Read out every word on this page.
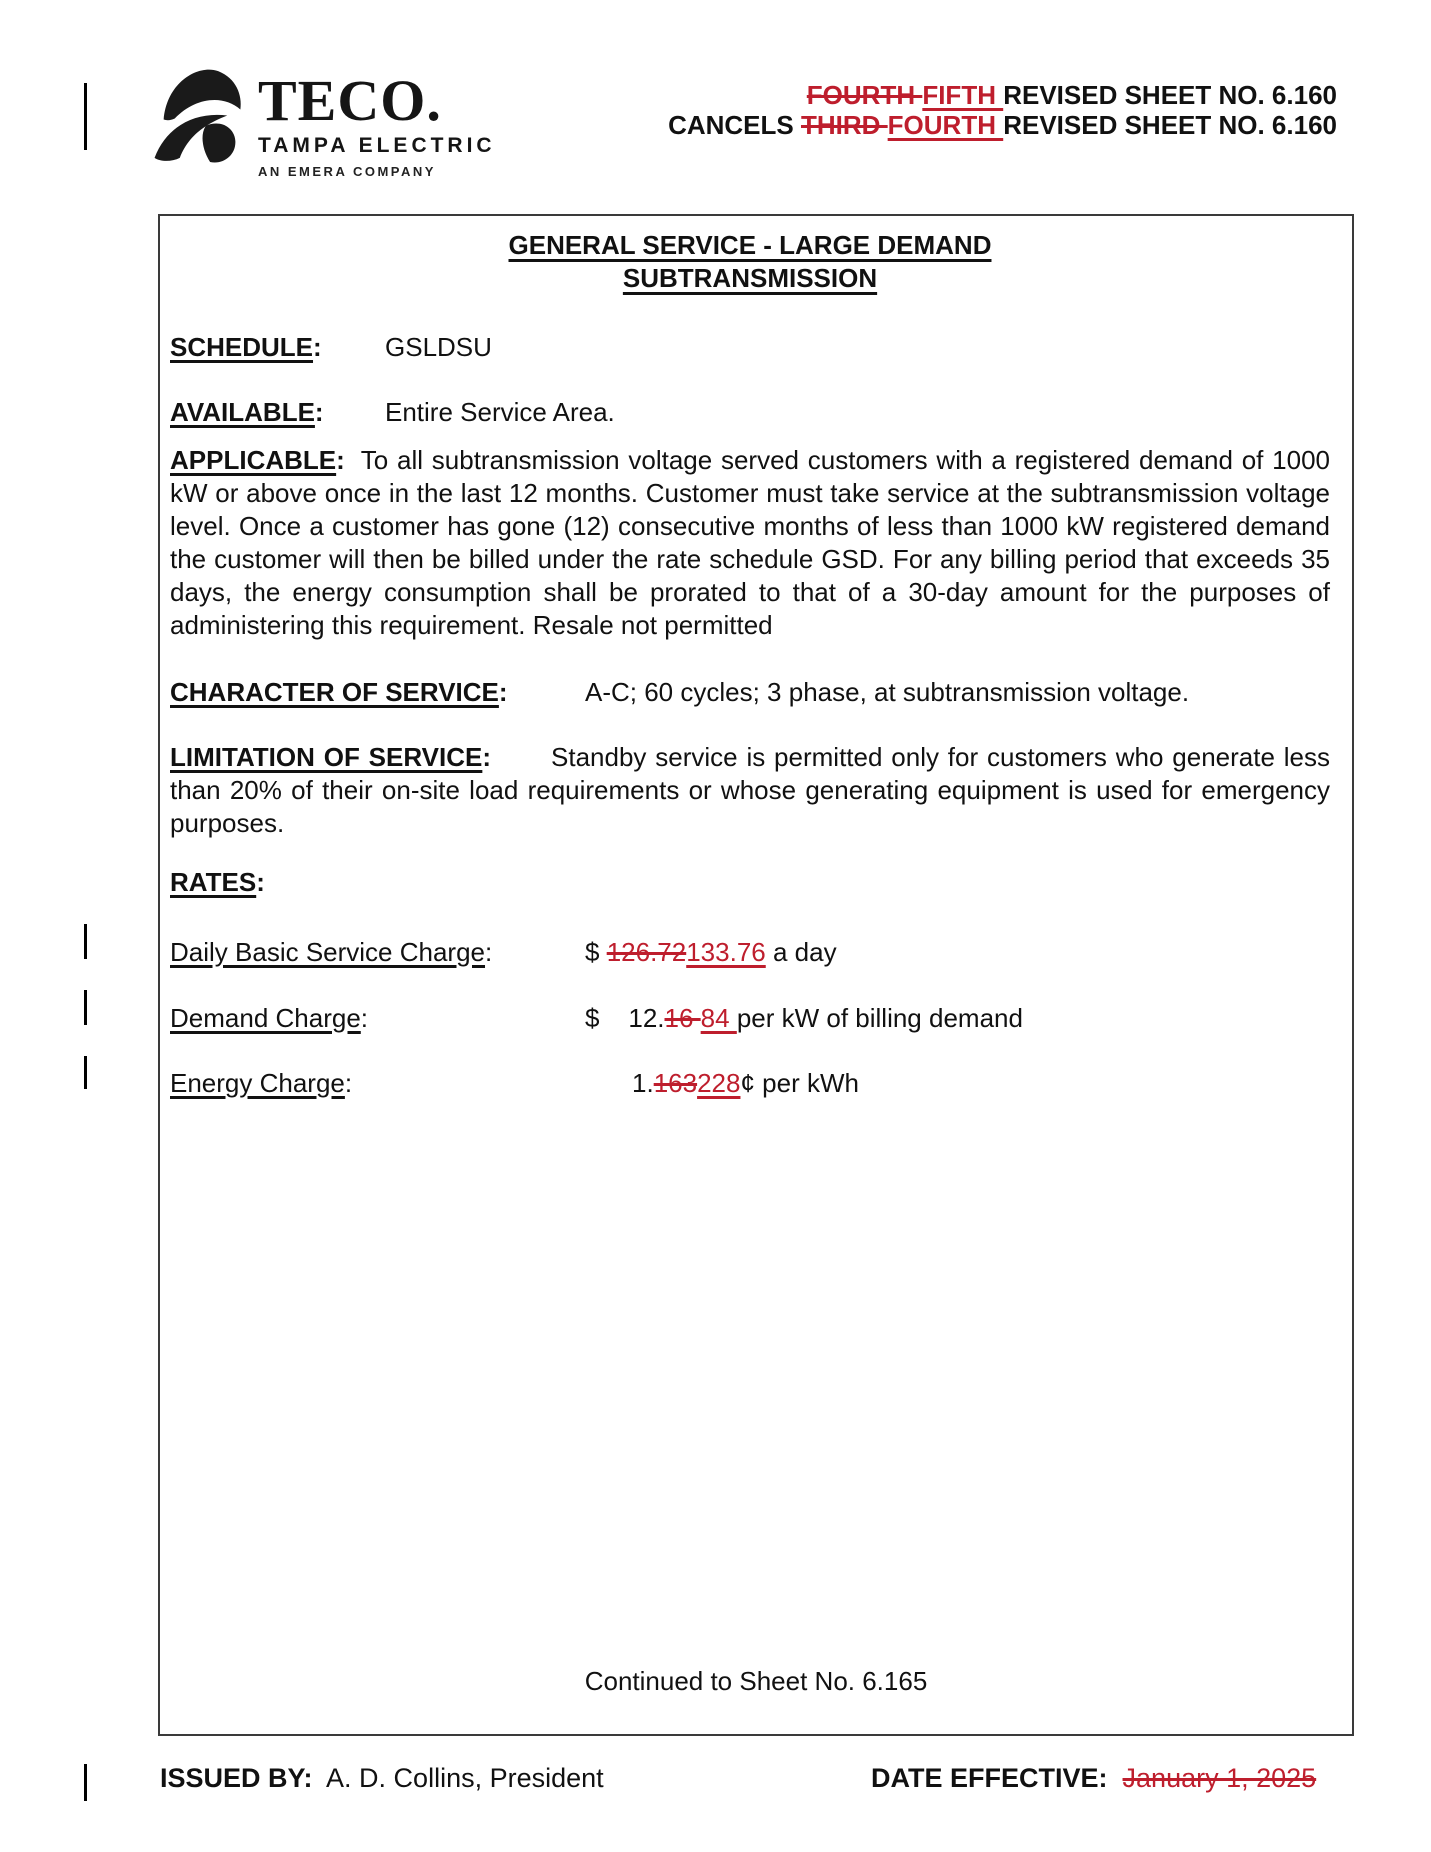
TECO.
TAMPA ELECTRIC
AN EMERA COMPANY
FOURTH FIFTH REVISED SHEET NO. 6.160
CANCELS THIRD FOURTH REVISED SHEET NO. 6.160
GENERAL SERVICE - LARGE DEMAND
SUBTRANSMISSION
SCHEDULE: GSLDSU
AVAILABLE: Entire Service Area.
APPLICABLE: To all subtransmission voltage served customers with a registered demand of 1000 kW or above once in the last 12 months. Customer must take service at the subtransmission voltage level. Once a customer has gone (12) consecutive months of less than 1000 kW registered demand the customer will then be billed under the rate schedule GSD. For any billing period that exceeds 35 days, the energy consumption shall be prorated to that of a 30-day amount for the purposes of administering this requirement. Resale not permitted
CHARACTER OF SERVICE:	A-C; 60 cycles; 3 phase, at subtransmission voltage.
LIMITATION OF SERVICE: Standby service is permitted only for customers who generate less than 20% of their on-site load requirements or whose generating equipment is used for emergency purposes.
RATES:
Daily Basic Service Charge:	$ 126.72133.76 a day
Demand Charge:	$    12.16 84 per kW of billing demand
Energy Charge:	1.163228¢ per kWh
Continued to Sheet No. 6.165
ISSUED BY: A. D. Collins, President	DATE EFFECTIVE: January 1, 2025
